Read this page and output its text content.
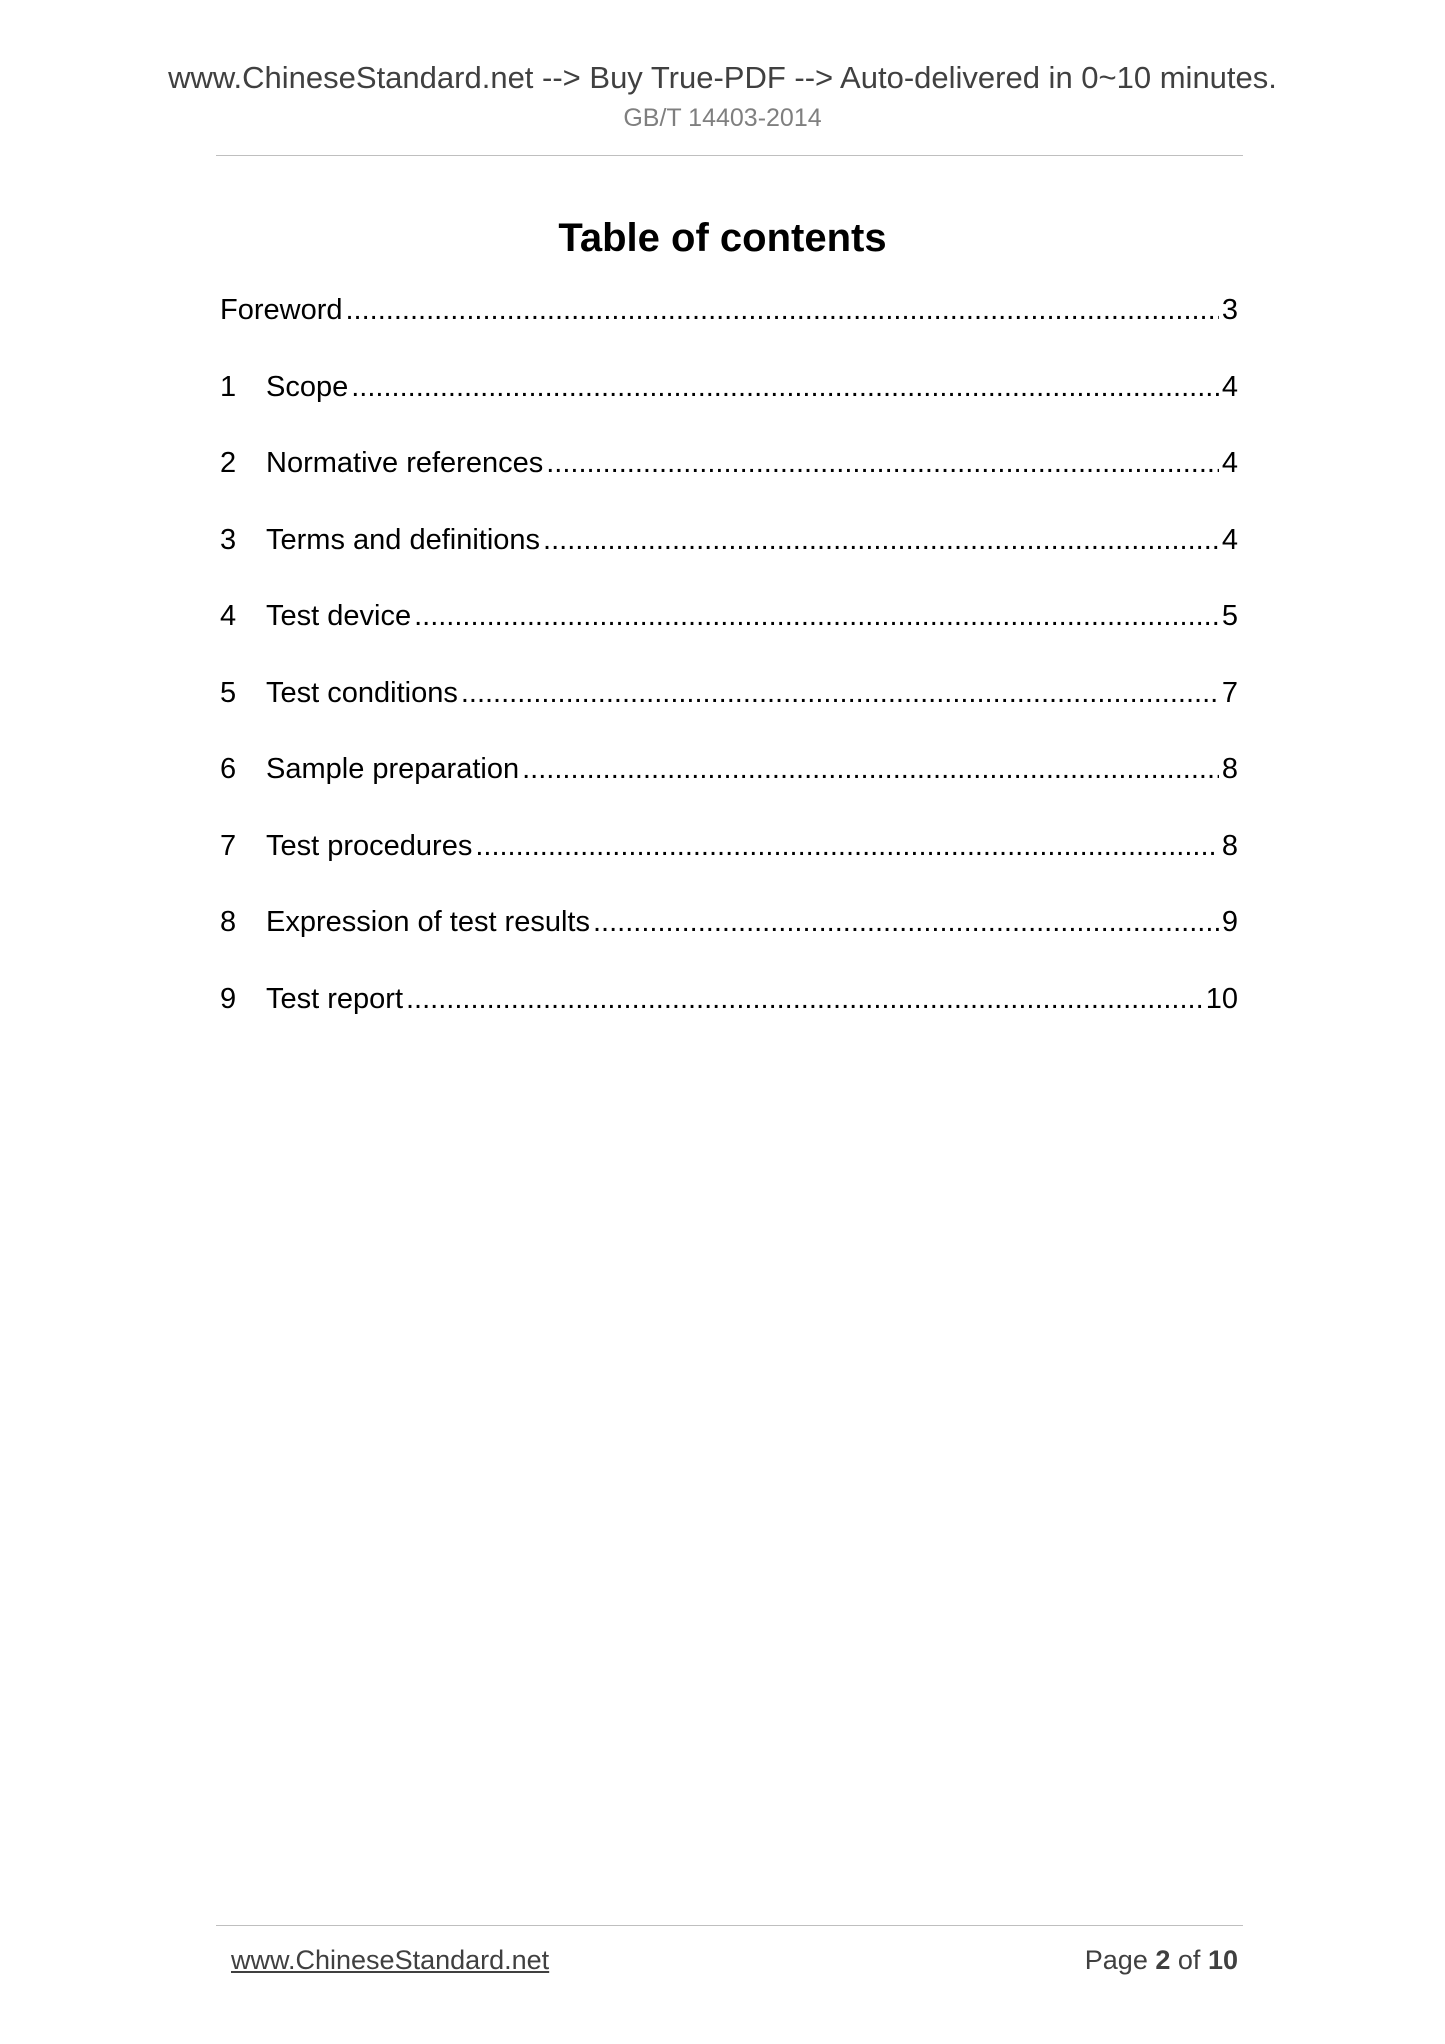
www.ChineseStandard.net --> Buy True-PDF --> Auto-delivered in 0~10 minutes.
GB/T 14403-2014
Table of contents
Foreword .....	3
1	Scope .....	4
2	Normative references .....	4
3	Terms and definitions .....	4
4	Test device .....	5
5	Test conditions .....	7
6	Sample preparation .....	8
7	Test procedures .....	8
8	Expression of test results .....	9
9	Test report .....	10
www.ChineseStandard.net	Page 2 of 10
